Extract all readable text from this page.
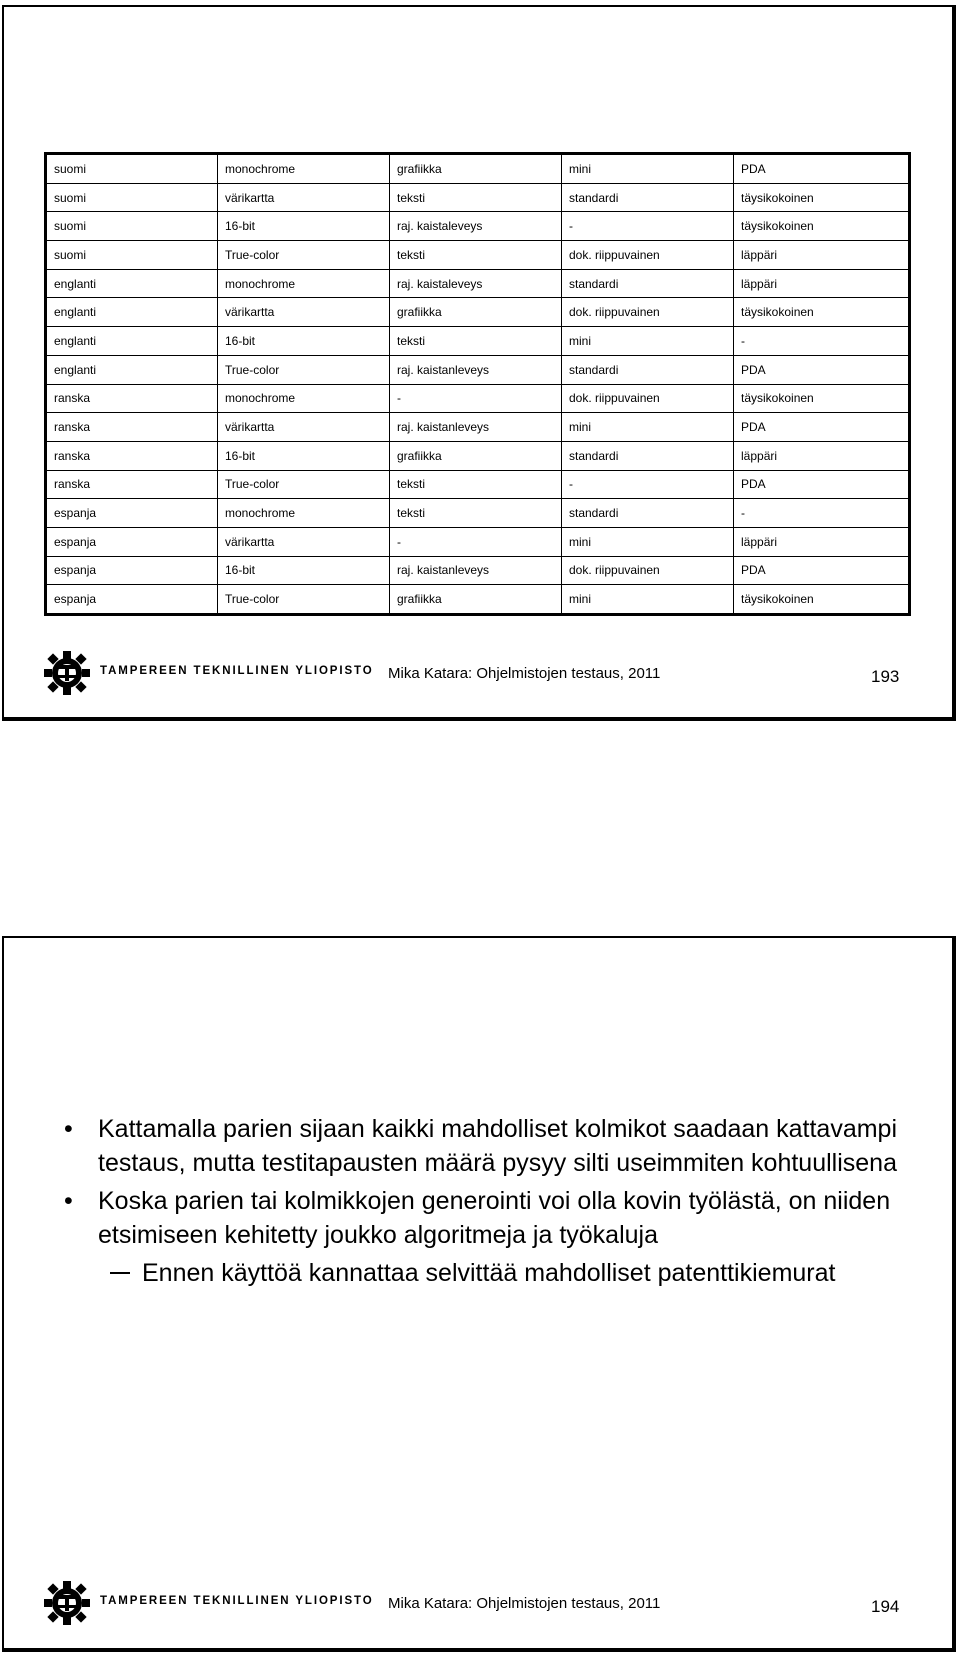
suomi	monochrome	grafiikka	mini	PDA
suomi	värikartta	teksti	standardi	täysikokoinen
suomi	16-bit	raj. kaistaleveys	-	täysikokoinen
suomi	True-color	teksti	dok. riippuvainen	läppäri
englanti	monochrome	raj. kaistaleveys	standardi	läppäri
englanti	värikartta	grafiikka	dok. riippuvainen	täysikokoinen
englanti	16-bit	teksti	mini	-
englanti	True-color	raj. kaistanleveys	standardi	PDA
ranska	monochrome	-	dok. riippuvainen	täysikokoinen
ranska	värikartta	raj. kaistanleveys	mini	PDA
ranska	16-bit	grafiikka	standardi	läppäri
ranska	True-color	teksti	-	PDA
espanja	monochrome	teksti	standardi	-
espanja	värikartta	-	mini	läppäri
espanja	16-bit	raj. kaistanleveys	dok. riippuvainen	PDA
espanja	True-color	grafiikka	mini	täysikokoinen
TAMPEREEN TEKNILLINEN YLIOPISTO Mika Katara: Ohjelmistojen testaus, 2011	193
• Kattamalla parien sijaan kaikki mahdolliset kolmikot saadaan kattavampi testaus, mutta testitapausten määrä pysyy silti useimmiten kohtuullisena
• Koska parien tai kolmikkojen generointi voi olla kovin työlästä, on niiden etsimiseen kehitetty joukko algoritmeja ja työkaluja
Ennen käyttöä kannattaa selvittää mahdolliset patenttikiemurat
TAMPEREEN TEKNILLINEN YLIOPISTO Mika Katara: Ohjelmistojen testaus, 2011	194
